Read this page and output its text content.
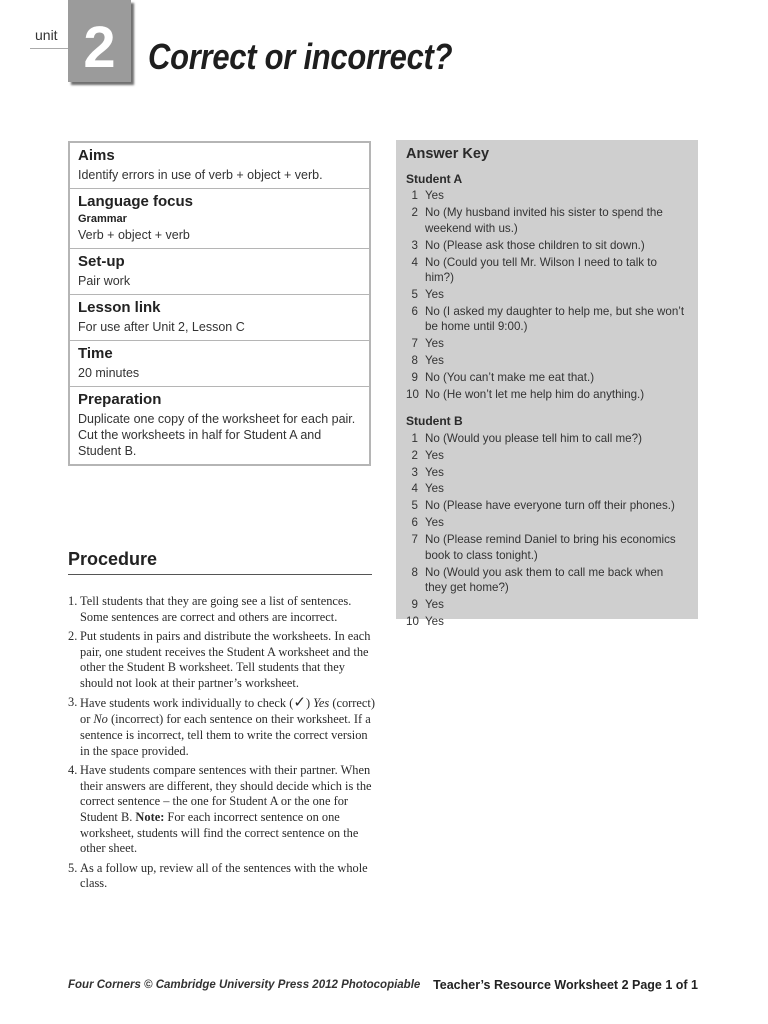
unit 2 Correct or incorrect?
Aims
Identify errors in use of verb + object + verb.
Language focus
Grammar
Verb + object + verb
Set-up
Pair work
Lesson link
For use after Unit 2, Lesson C
Time
20 minutes
Preparation
Duplicate one copy of the worksheet for each pair. Cut the worksheets in half for Student A and Student B.
Procedure
1. Tell students that they are going see a list of sentences. Some sentences are correct and others are incorrect.
2. Put students in pairs and distribute the worksheets. In each pair, one student receives the Student A worksheet and the other the Student B worksheet. Tell students that they should not look at their partner’s worksheet.
3. Have students work individually to check (✓) Yes (correct) or No (incorrect) for each sentence on their worksheet. If a sentence is incorrect, tell them to write the correct version in the space provided.
4. Have students compare sentences with their partner. When their answers are different, they should decide which is the correct sentence – the one for Student A or the one for Student B. Note: For each incorrect sentence on one worksheet, students will find the correct sentence on the other sheet.
5. As a follow up, review all of the sentences with the whole class.
Answer Key
Student A
1 Yes
2 No (My husband invited his sister to spend the weekend with us.)
3 No (Please ask those children to sit down.)
4 No (Could you tell Mr. Wilson I need to talk to him?)
5 Yes
6 No (I asked my daughter to help me, but she won’t be home until 9:00.)
7 Yes
8 Yes
9 No (You can’t make me eat that.)
10 No (He won’t let me help him do anything.)
Student B
1 No (Would you please tell him to call me?)
2 Yes
3 Yes
4 Yes
5 No (Please have everyone turn off their phones.)
6 Yes
7 No (Please remind Daniel to bring his economics book to class tonight.)
8 No (Would you ask them to call me back when they get home?)
9 Yes
10 Yes
Four Corners © Cambridge University Press 2012 Photocopiable Teacher’s Resource Worksheet 2 Page 1 of 1
